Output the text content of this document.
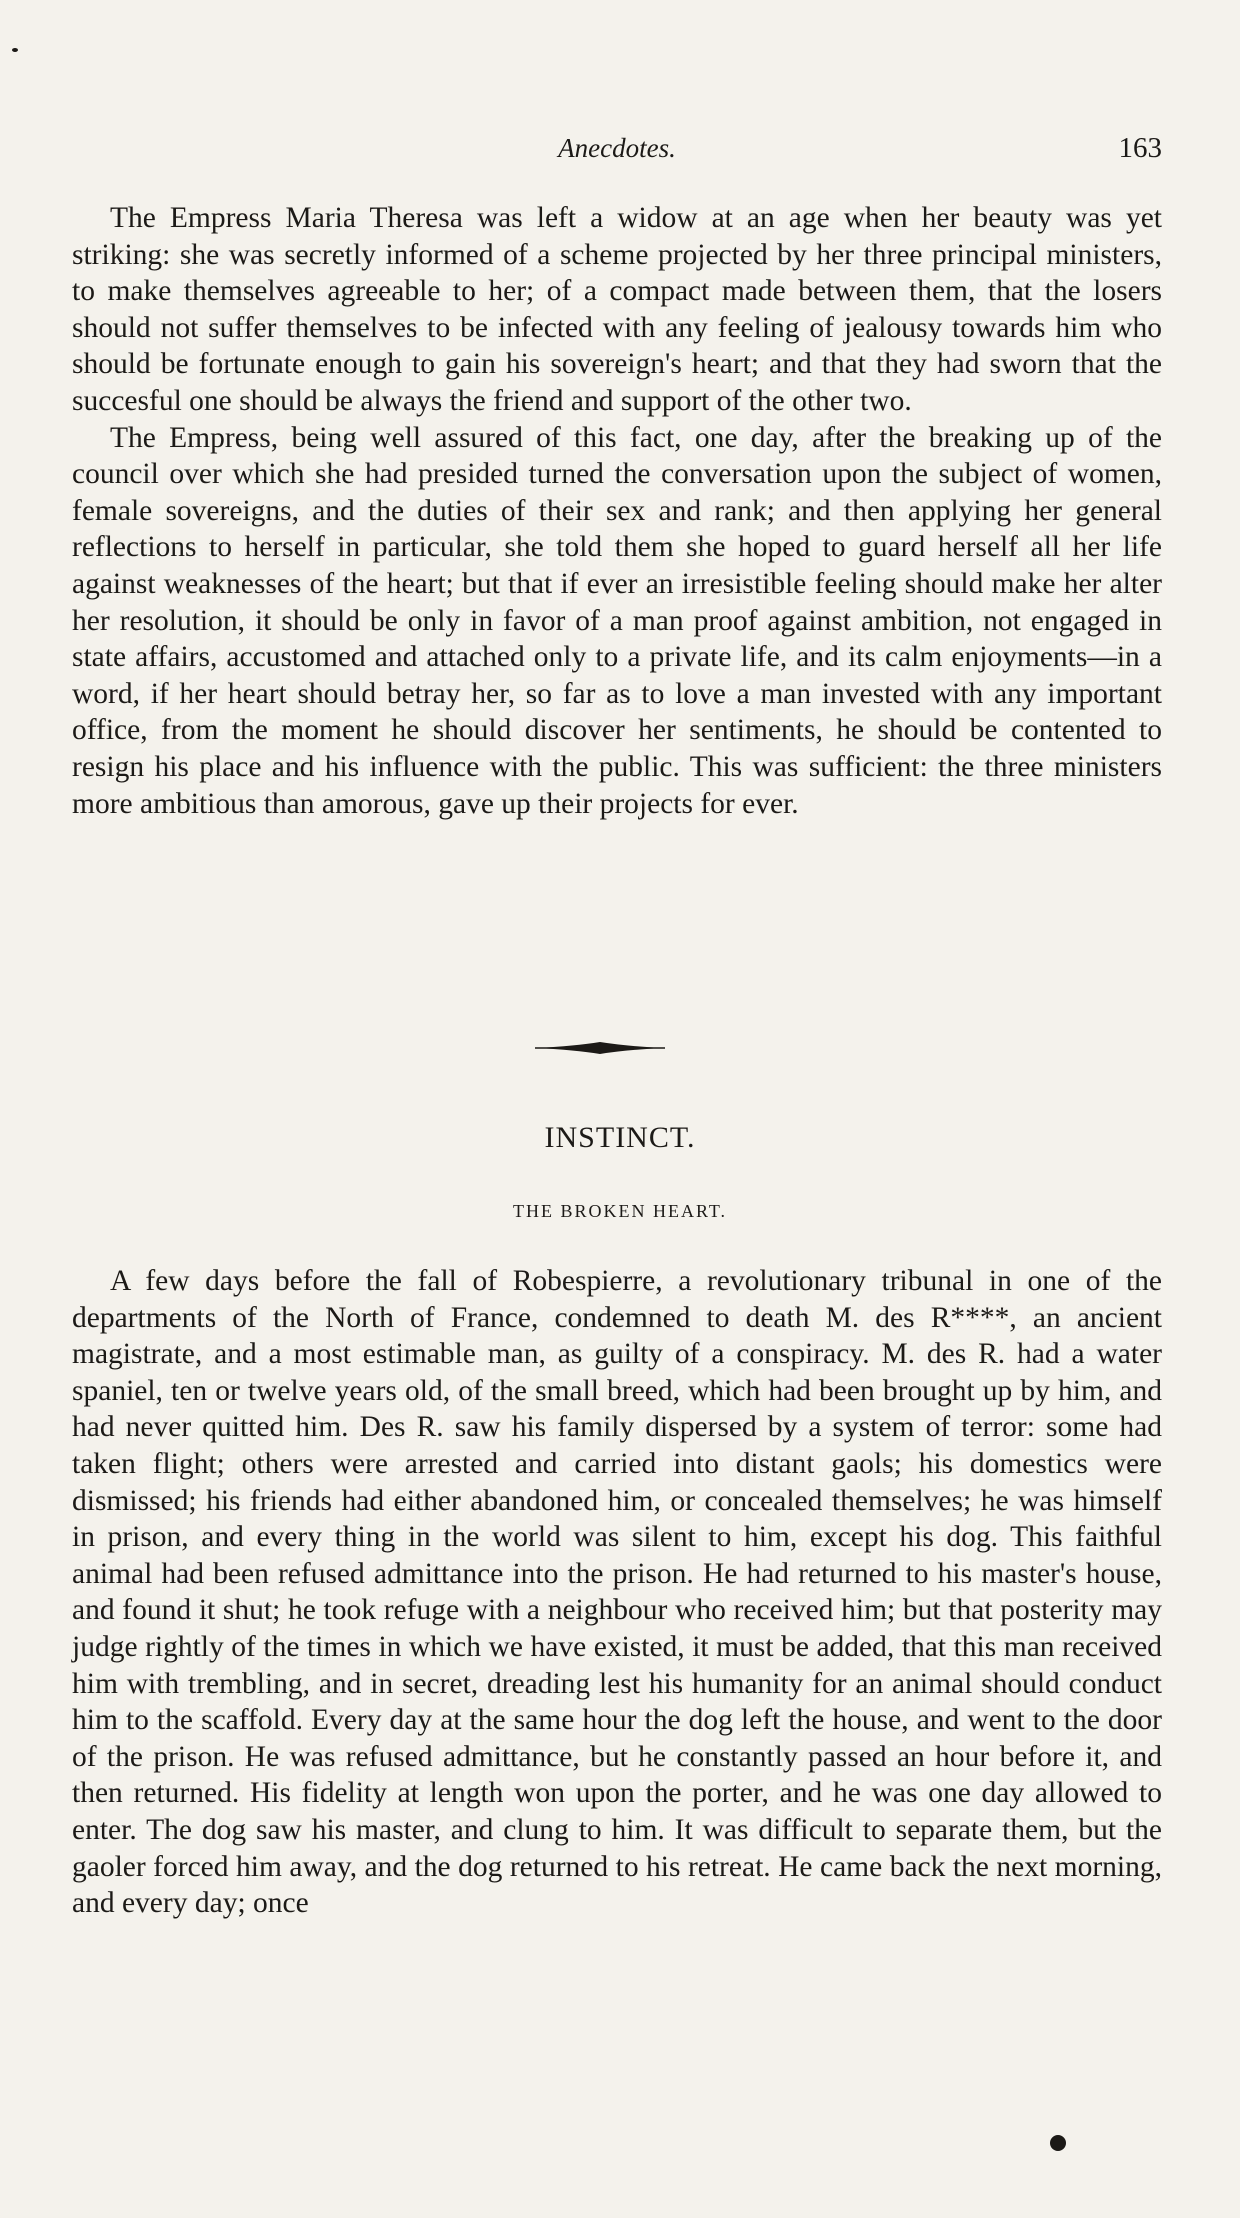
Anecdotes.	163

The Empress Maria Theresa was left a widow at an age when her beauty was yet striking: she was secretly informed of a scheme projected by her three principal ministers, to make themselves agreeable to her; of a compact made between them, that the losers should not suffer themselves to be infected with any feeling of jealousy towards him who should be fortunate enough to gain his sovereign's heart; and that they had sworn that the succesful one should be always the friend and support of the other two.

The Empress, being well assured of this fact, one day, after the breaking up of the council over which she had presided turned the conversation upon the subject of women, female sovereigns, and the duties of their sex and rank; and then applying her general reflections to herself in particular, she told them she hoped to guard herself all her life against weaknesses of the heart; but that if ever an irresistible feeling should make her alter her resolution, it should be only in favor of a man proof against ambition, not engaged in state affairs, accustomed and attached only to a private life, and its calm enjoyments—in a word, if her heart should betray her, so far as to love a man invested with any important office, from the moment he should discover her sentiments, he should be contented to resign his place and his influence with the public. This was sufficient: the three ministers more ambitious than amorous, gave up their projects for ever.

INSTINCT.
THE BROKEN HEART.

A few days before the fall of Robespierre, a revolutionary tribunal in one of the departments of the North of France, condemned to death M. des R****, an ancient magistrate, and a most estimable man, as guilty of a conspiracy. M. des R. had a water spaniel, ten or twelve years old, of the small breed, which had been brought up by him, and had never quitted him. Des R. saw his family dispersed by a system of terror: some had taken flight; others were arrested and carried into distant gaols; his domestics were dismissed; his friends had either abandoned him, or concealed themselves; he was himself in prison, and every thing in the world was silent to him, except his dog. This faithful animal had been refused admittance into the prison. He had returned to his master's house, and found it shut; he took refuge with a neighbour who received him; but that posterity may judge rightly of the times in which we have existed, it must be added, that this man received him with trembling, and in secret, dreading lest his humanity for an animal should conduct him to the scaffold. Every day at the same hour the dog left the house, and went to the door of the prison. He was refused admittance, but he constantly passed an hour before it, and then returned. His fidelity at length won upon the porter, and he was one day allowed to enter. The dog saw his master, and clung to him. It was difficult to separate them, but the gaoler forced him away, and the dog returned to his retreat. He came back the next morning, and every day; once
